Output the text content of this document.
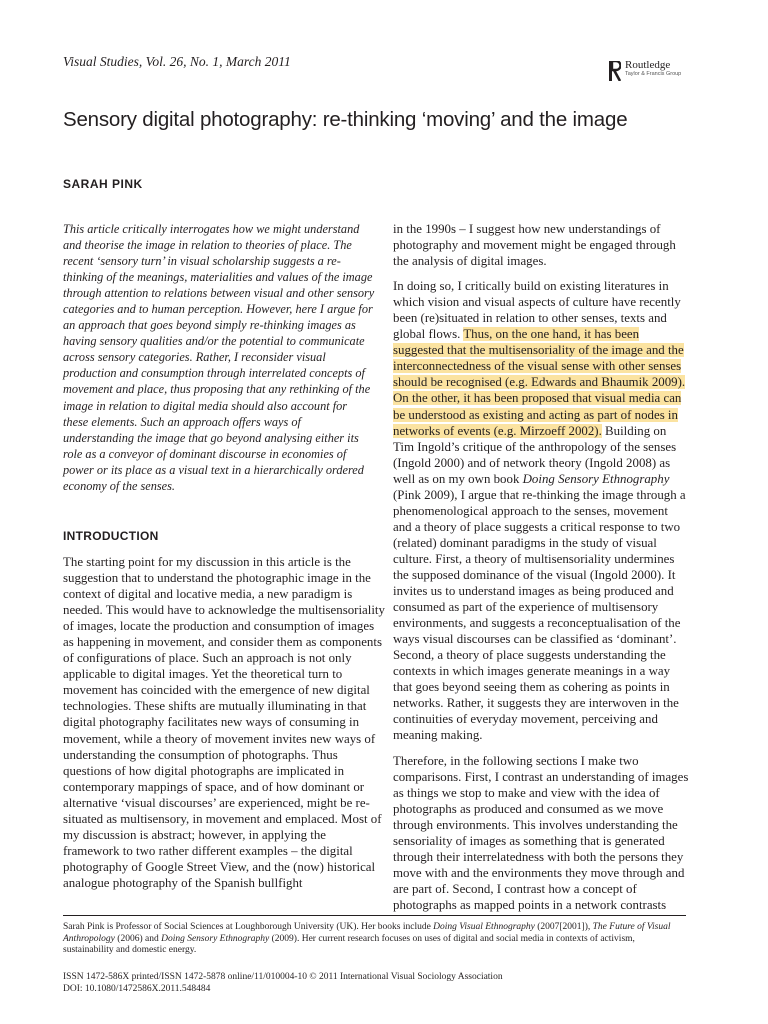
Visual Studies, Vol. 26, No. 1, March 2011	Routledge
Taylor & Francis Group
Sensory digital photography: re-thinking ‘moving’ and the image
SARAH PINK

This article critically interrogates how we might understand and theorise the image in relation to theories of place. The recent ‘sensory turn’ in visual scholarship suggests a re-thinking of the meanings, materialities and values of the image through attention to relations between visual and other sensory categories and to human perception. However, here I argue for an approach that goes beyond simply re-thinking images as having sensory qualities and/or the potential to communicate across sensory categories. Rather, I reconsider visual production and consumption through interrelated concepts of movement and place, thus proposing that any rethinking of the image in relation to digital media should also account for these elements. Such an approach offers ways of understanding the image that go beyond analysing either its role as a conveyor of dominant discourse in economies of power or its place as a visual text in a hierarchically ordered economy of the senses.

INTRODUCTION

The starting point for my discussion in this article is the suggestion that to understand the photographic image in the context of digital and locative media, a new paradigm is needed. This would have to acknowledge the multisensoriality of images, locate the production and consumption of images as happening in movement, and consider them as components of configurations of place. Such an approach is not only applicable to digital images. Yet the theoretical turn to movement has coincided with the emergence of new digital technologies. These shifts are mutually illuminating in that digital photography facilitates new ways of consuming in movement, while a theory of movement invites new ways of understanding the consumption of photographs. Thus questions of how digital photographs are implicated in contemporary mappings of space, and of how dominant or alternative ‘visual discourses’ are experienced, might be re-situated as multisensory, in movement and emplaced. Most of my discussion is abstract; however, in applying the framework to two rather different examples – the digital photography of Google Street View, and the (now) historical analogue photography of the Spanish bullfight

in the 1990s – I suggest how new understandings of photography and movement might be engaged through the analysis of digital images.

In doing so, I critically build on existing literatures in which vision and visual aspects of culture have recently been (re)situated in relation to other senses, texts and global flows. Thus, on the one hand, it has been suggested that the multisensoriality of the image and the interconnectedness of the visual sense with other senses should be recognised (e.g. Edwards and Bhaumik 2009). On the other, it has been proposed that visual media can be understood as existing and acting as part of nodes in networks of events (e.g. Mirzoeff 2002). Building on Tim Ingold’s critique of the anthropology of the senses (Ingold 2000) and of network theory (Ingold 2008) as well as on my own book Doing Sensory Ethnography (Pink 2009), I argue that re-thinking the image through a phenomenological approach to the senses, movement and a theory of place suggests a critical response to two (related) dominant paradigms in the study of visual culture. First, a theory of multisensoriality undermines the supposed dominance of the visual (Ingold 2000). It invites us to understand images as being produced and consumed as part of the experience of multisensory environments, and suggests a reconceptualisation of the ways visual discourses can be classified as ‘dominant’. Second, a theory of place suggests understanding the contexts in which images generate meanings in a way that goes beyond seeing them as cohering as points in networks. Rather, it suggests they are interwoven in the continuities of everyday movement, perceiving and meaning making.

Therefore, in the following sections I make two comparisons. First, I contrast an understanding of images as things we stop to make and view with the idea of photographs as produced and consumed as we move through environments. This involves understanding the sensoriality of images as something that is generated through their interrelatedness with both the persons they move with and the environments they move through and are part of. Second, I contrast how a concept of photographs as mapped points in a network contrasts

Sarah Pink is Professor of Social Sciences at Loughborough University (UK). Her books include Doing Visual Ethnography (2007[2001]), The Future of Visual Anthropology (2006) and Doing Sensory Ethnography (2009). Her current research focuses on uses of digital and social media in contexts of activism, sustainability and domestic energy.

ISSN 1472-586X printed/ISSN 1472-5878 online/11/010004-10 © 2011 International Visual Sociology Association
DOI: 10.1080/1472586X.2011.548484
